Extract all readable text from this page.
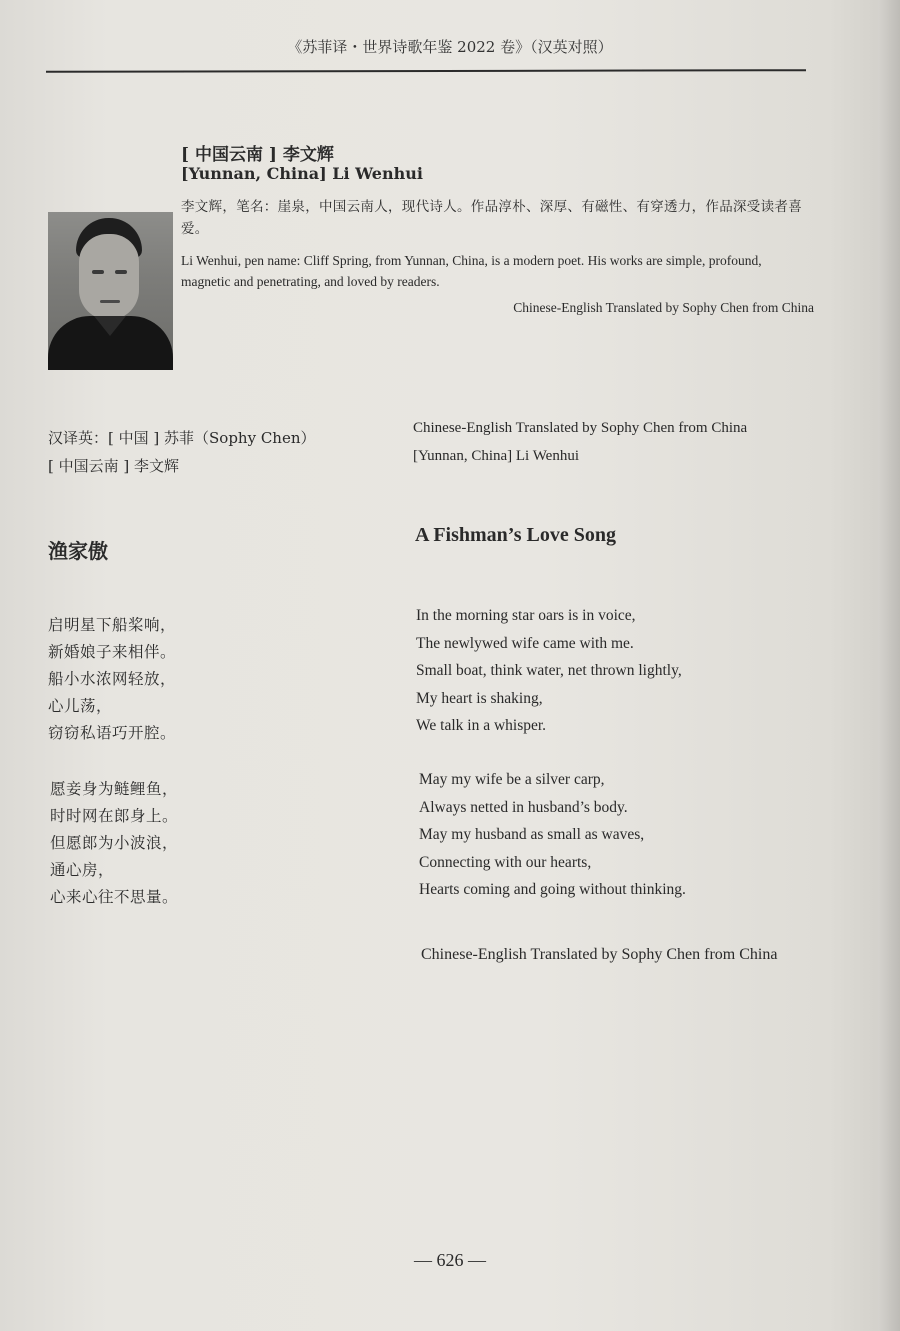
《苏菲译・世界诗歌年鉴 2022 卷》（汉英对照）
[ 中国云南 ] 李文辉
[Yunnan, China] Li Wenhui
李文辉，笔名：崖泉，中国云南人，现代诗人。作品淳朴、深厚、有磁性、有穿透力，作品深受读者喜爱。
Li Wenhui, pen name: Cliff Spring, from Yunnan, China, is a modern poet. His works are simple, profound, magnetic and penetrating, and loved by readers.
Chinese-English Translated by Sophy Chen from China
汉译英：[ 中国 ] 苏菲（Sophy Chen）
[ 中国云南 ] 李文辉
Chinese-English Translated by Sophy Chen from China
[Yunnan, China] Li Wenhui
渔家傲
A Fishman’s Love Song
启明星下船桨响，
新婚娘子来相伴。
船小水浓网轻放，
心儿荡，
窃窃私语巧开腔。
愿妾身为鲢鲤鱼，
时时网在郎身上。
但愿郎为小波浪，
通心房，
心来心往不思量。
In the morning star oars is in voice,
The newlywed wife came with me.
Small boat, think water, net thrown lightly,
My heart is shaking,
We talk in a whisper.
May my wife be a silver carp,
Always netted in husband’s body.
May my husband as small as waves,
Connecting with our hearts,
Hearts coming and going without thinking.
Chinese-English Translated by Sophy Chen from China
— 626 —
